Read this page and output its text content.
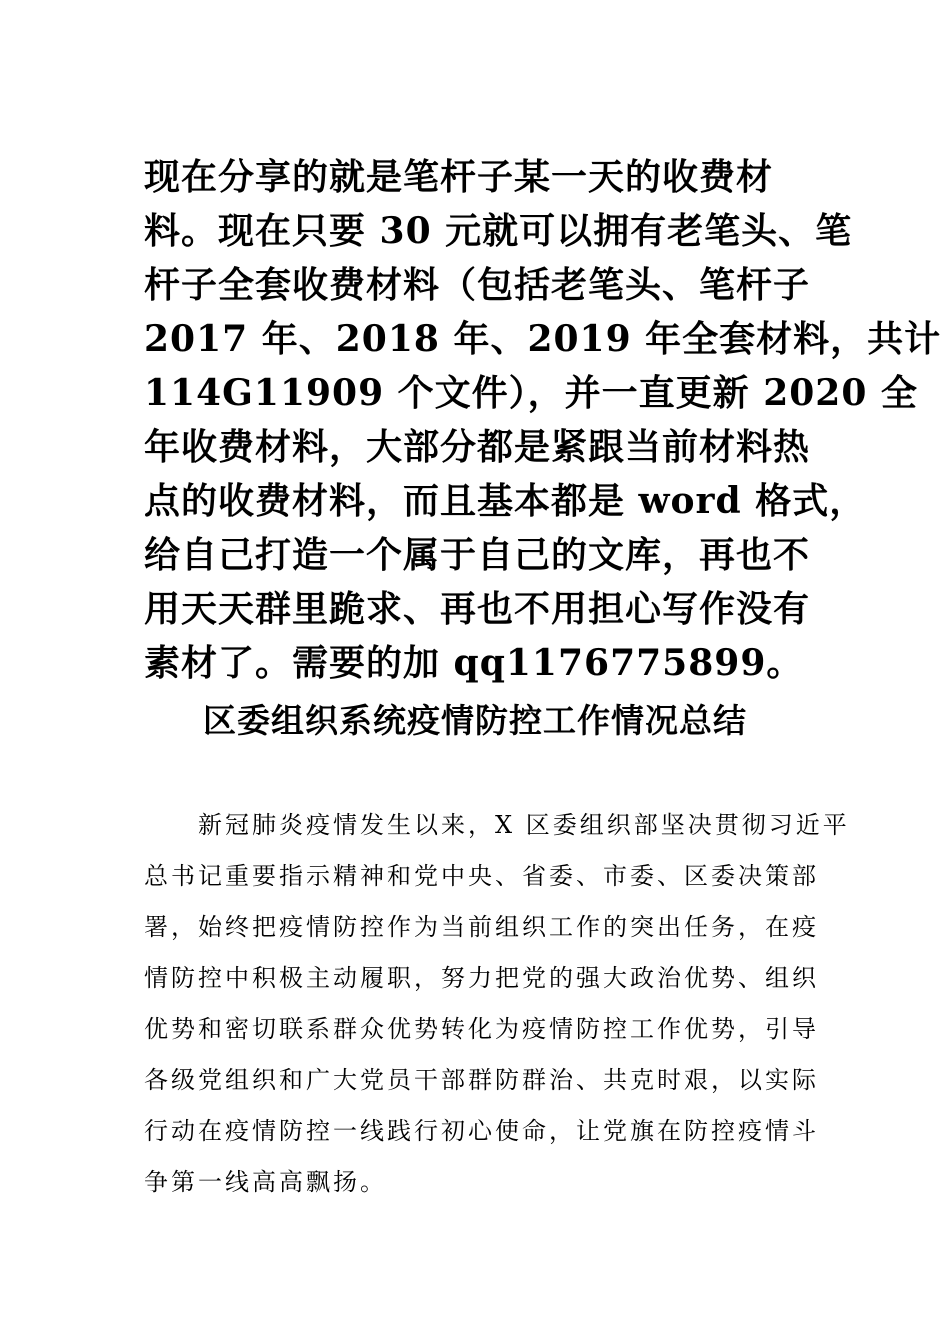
现在分享的就是笔杆子某一天的收费材
料。现在只要 30 元就可以拥有老笔头、笔
杆子全套收费材料（包括老笔头、笔杆子
2017 年、2018 年、2019 年全套材料，共计
114G11909 个文件），并一直更新 2020 全
年收费材料，大部分都是紧跟当前材料热
点的收费材料，而且基本都是 word 格式，
给自己打造一个属于自己的文库，再也不
用天天群里跪求、再也不用担心写作没有
素材了。需要的加 qq1176775899。
区委组织系统疫情防控工作情况总结
　　新冠肺炎疫情发生以来，X 区委组织部坚决贯彻习近平
总书记重要指示精神和党中央、省委、市委、区委决策部
署，始终把疫情防控作为当前组织工作的突出任务，在疫
情防控中积极主动履职，努力把党的强大政治优势、组织
优势和密切联系群众优势转化为疫情防控工作优势，引导
各级党组织和广大党员干部群防群治、共克时艰，以实际
行动在疫情防控一线践行初心使命，让党旗在防控疫情斗
争第一线高高飘扬。
